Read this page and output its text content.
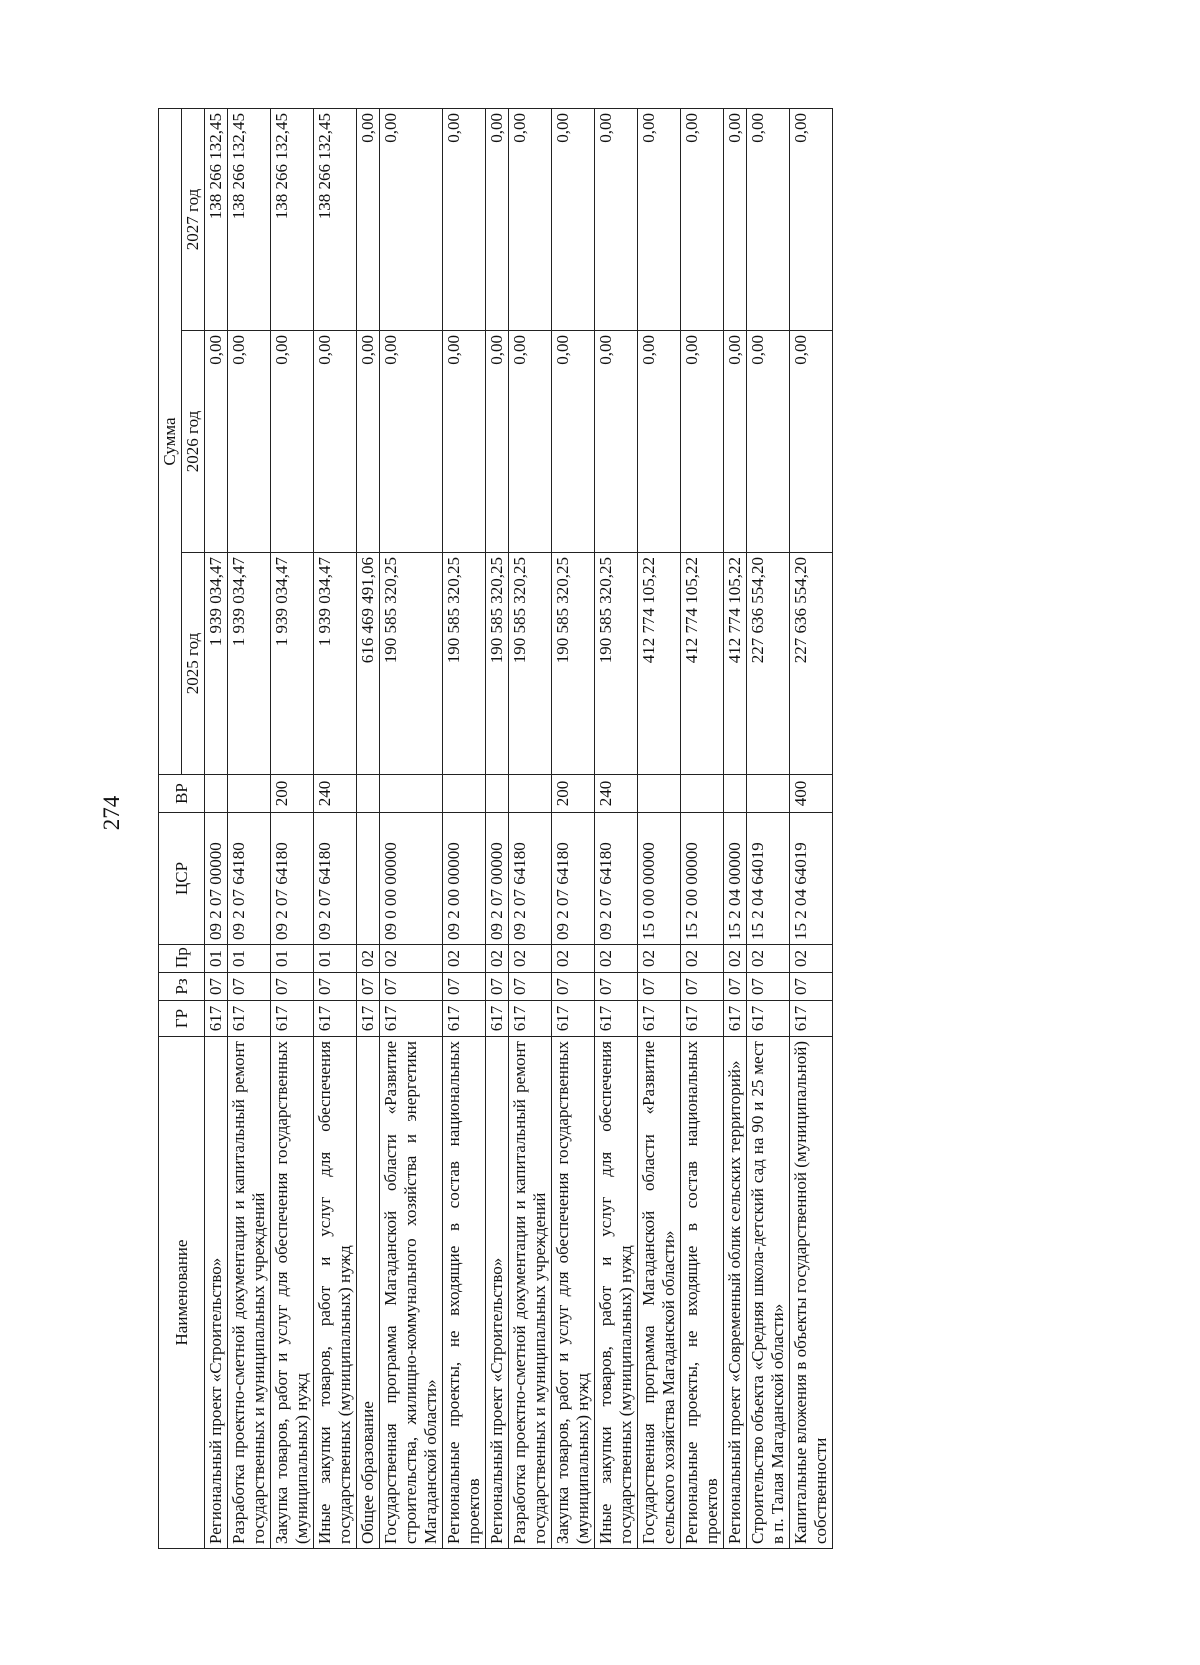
274
Наименование	ГР	Рз	Пр	ЦСР	ВР	Сумма		
						2025 год	2026 год	2027 год
Региональный проект «Строительство»	617	07	01	09 2 07 00000		1 939 034,47	0,00	138 266 132,45
Разработка проектно-сметной документации и капитальный ремонт государственных и муниципальных учреждений	617	07	01	09 2 07 64180		1 939 034,47	0,00	138 266 132,45
Закупка товаров, работ и услуг для обеспечения государственных (муниципальных) нужд	617	07	01	09 2 07 64180	200	1 939 034,47	0,00	138 266 132,45
Иные закупки товаров, работ и услуг для обеспечения государственных (муниципальных) нужд	617	07	01	09 2 07 64180	240	1 939 034,47	0,00	138 266 132,45
Общее образование	617	07	02			616 469 491,06	0,00	0,00
Государственная программа Магаданской области «Развитие строительства, жилищно-коммунального хозяйства и энергетики Магаданской области»	617	07	02	09 0 00 00000		190 585 320,25	0,00	0,00
Региональные проекты, не входящие в состав национальных проектов	617	07	02	09 2 00 00000		190 585 320,25	0,00	0,00
Региональный проект «Строительство»	617	07	02	09 2 07 00000		190 585 320,25	0,00	0,00
Разработка проектно-сметной документации и капитальный ремонт государственных и муниципальных учреждений	617	07	02	09 2 07 64180		190 585 320,25	0,00	0,00
Закупка товаров, работ и услуг для обеспечения государственных (муниципальных) нужд	617	07	02	09 2 07 64180	200	190 585 320,25	0,00	0,00
Иные закупки товаров, работ и услуг для обеспечения государственных (муниципальных) нужд	617	07	02	09 2 07 64180	240	190 585 320,25	0,00	0,00
Государственная программа Магаданской области «Развитие сельского хозяйства Магаданской области»	617	07	02	15 0 00 00000		412 774 105,22	0,00	0,00
Региональные проекты, не входящие в состав национальных проектов	617	07	02	15 2 00 00000		412 774 105,22	0,00	0,00
Региональный проект «Современный облик сельских территорий»	617	07	02	15 2 04 00000		412 774 105,22	0,00	0,00
Строительство объекта «Средняя школа-детский сад на 90 и 25 мест в п. Талая Магаданской области»	617	07	02	15 2 04 64019		227 636 554,20	0,00	0,00
Капитальные вложения в объекты государственной (муниципальной) собственности	617	07	02	15 2 04 64019	400	227 636 554,20	0,00	0,00
